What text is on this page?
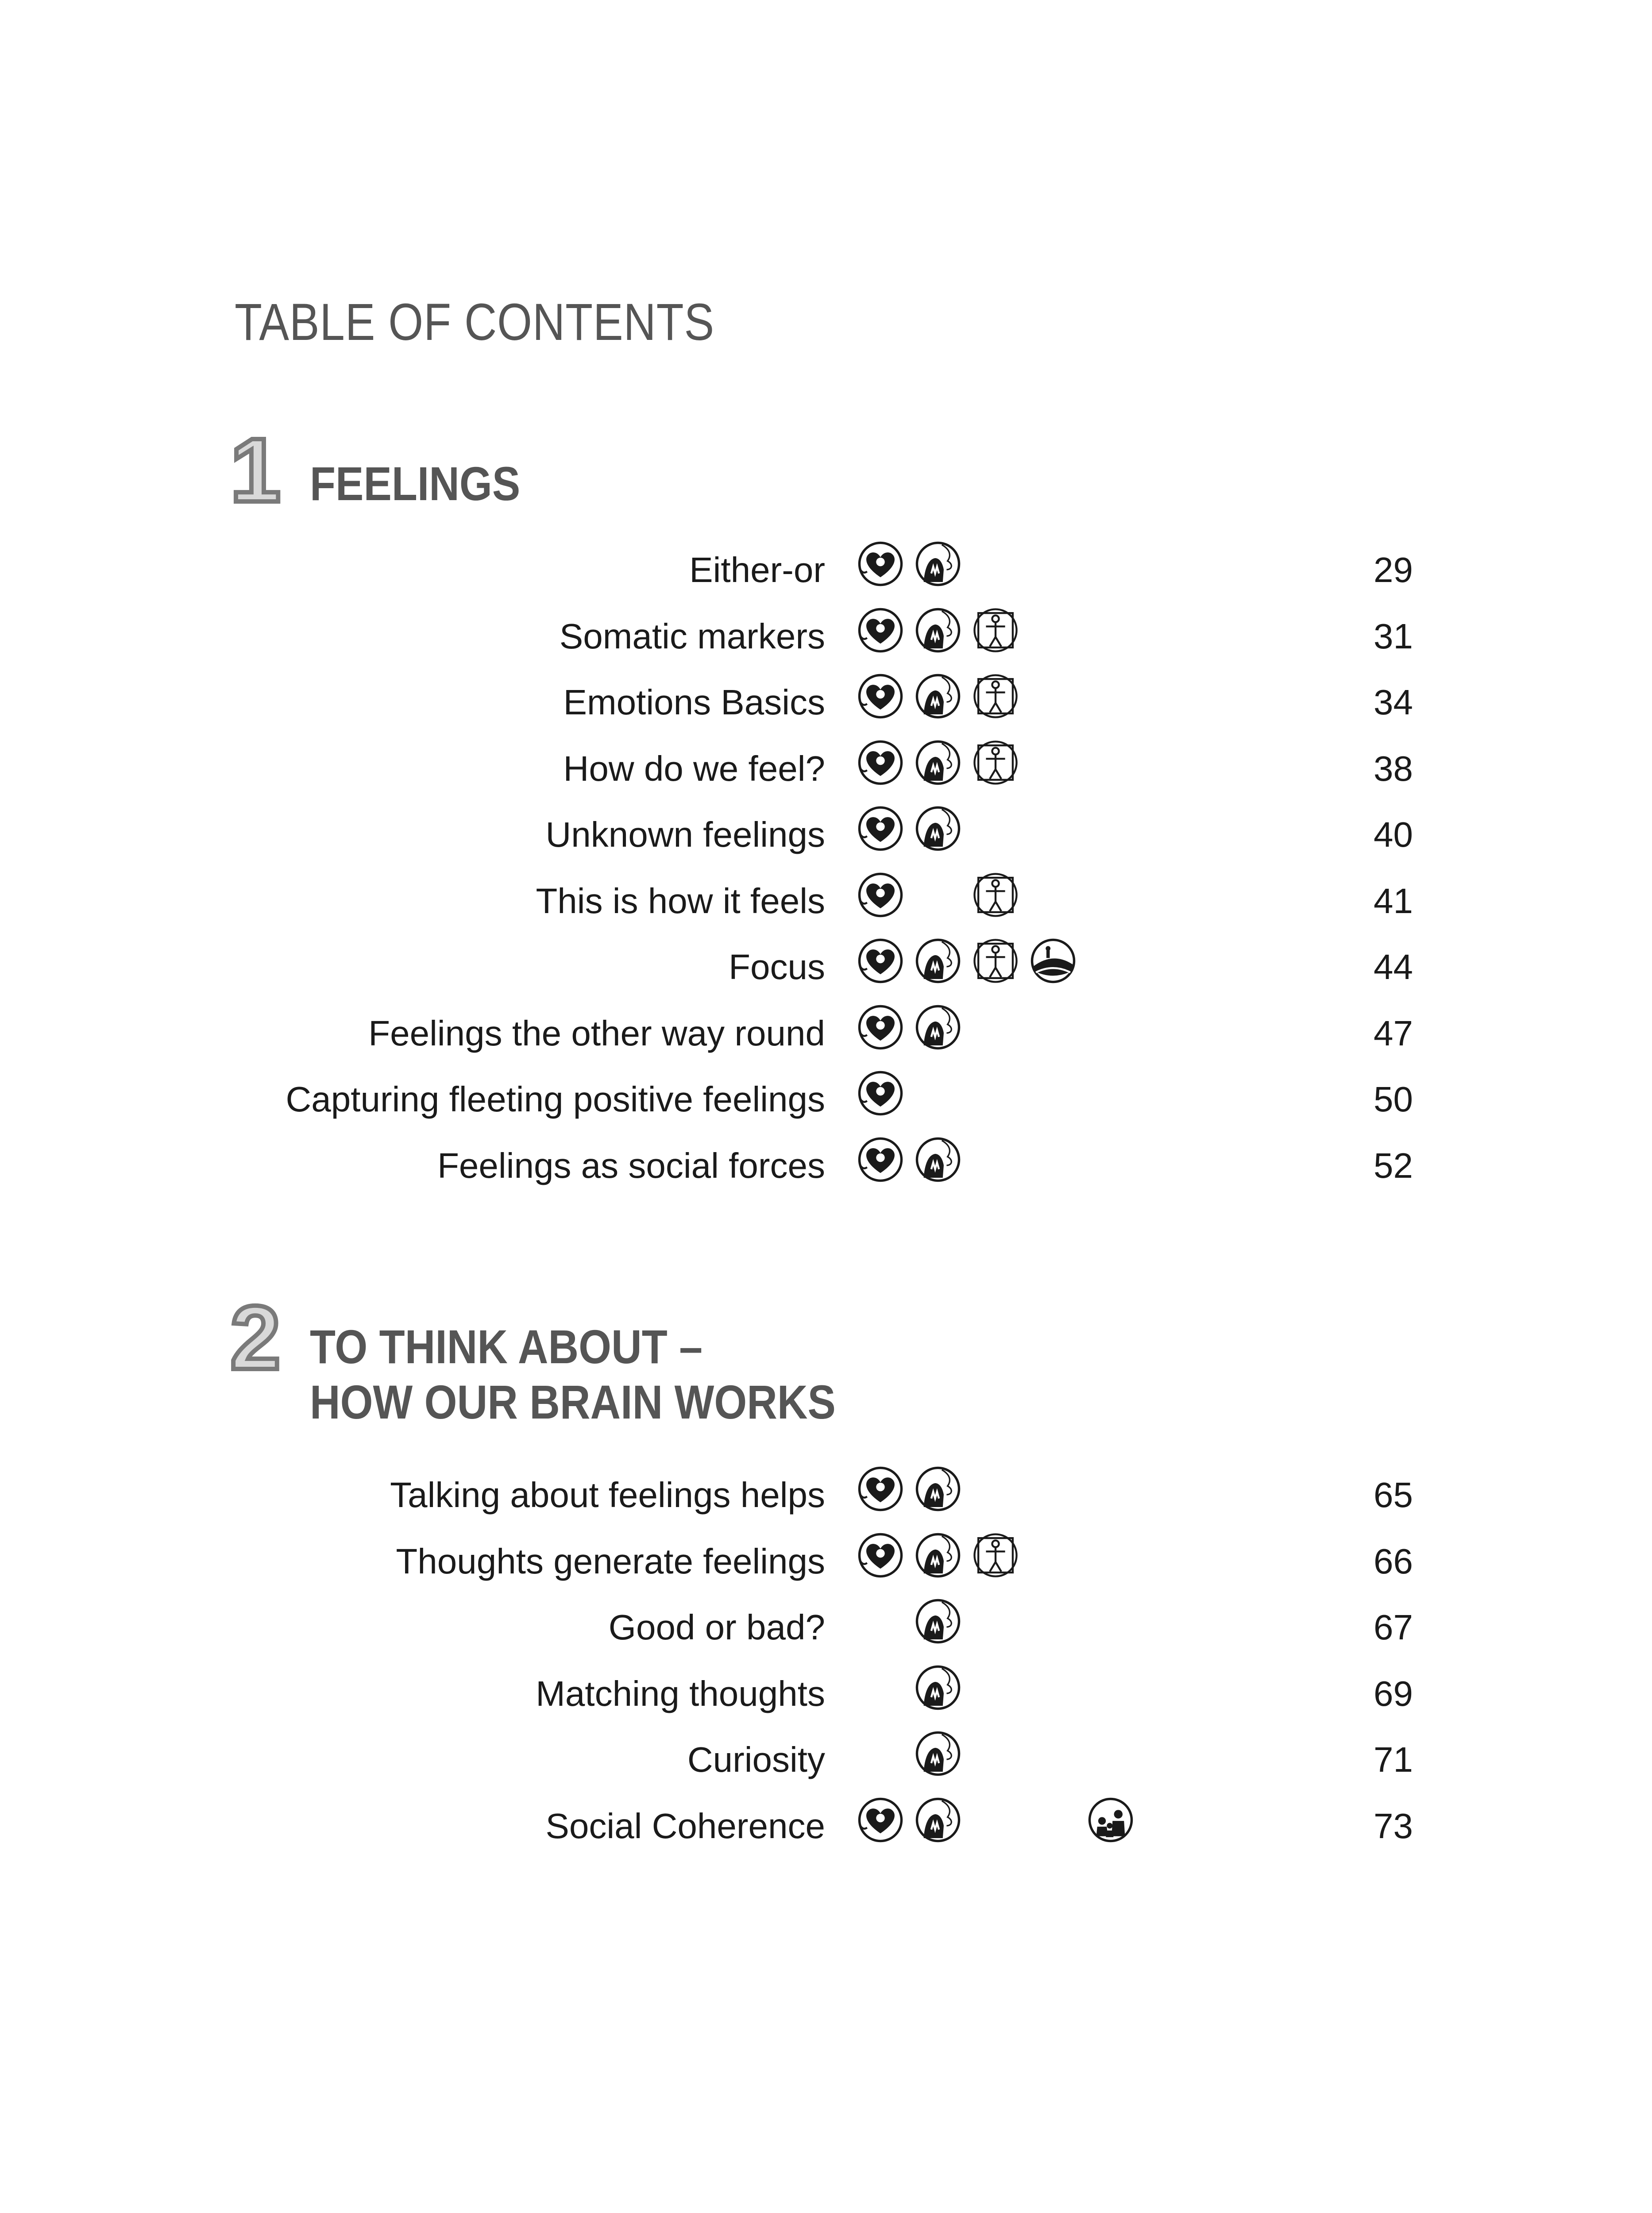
TABLE OF CONTENTS
1 FEELINGS
Either-or	29
Somatic markers	31
Emotions Basics	34
How do we feel?	38
Unknown feelings	40
This is how it feels	41
Focus	44
Feelings the other way round	47
Capturing fleeting positive feelings	50
Feelings as social forces	52
2 TO THINK ABOUT –
HOW OUR BRAIN WORKS
Talking about feelings helps	65
Thoughts generate feelings	66
Good or bad?	67
Matching thoughts	69
Curiosity	71
Social Coherence	73
